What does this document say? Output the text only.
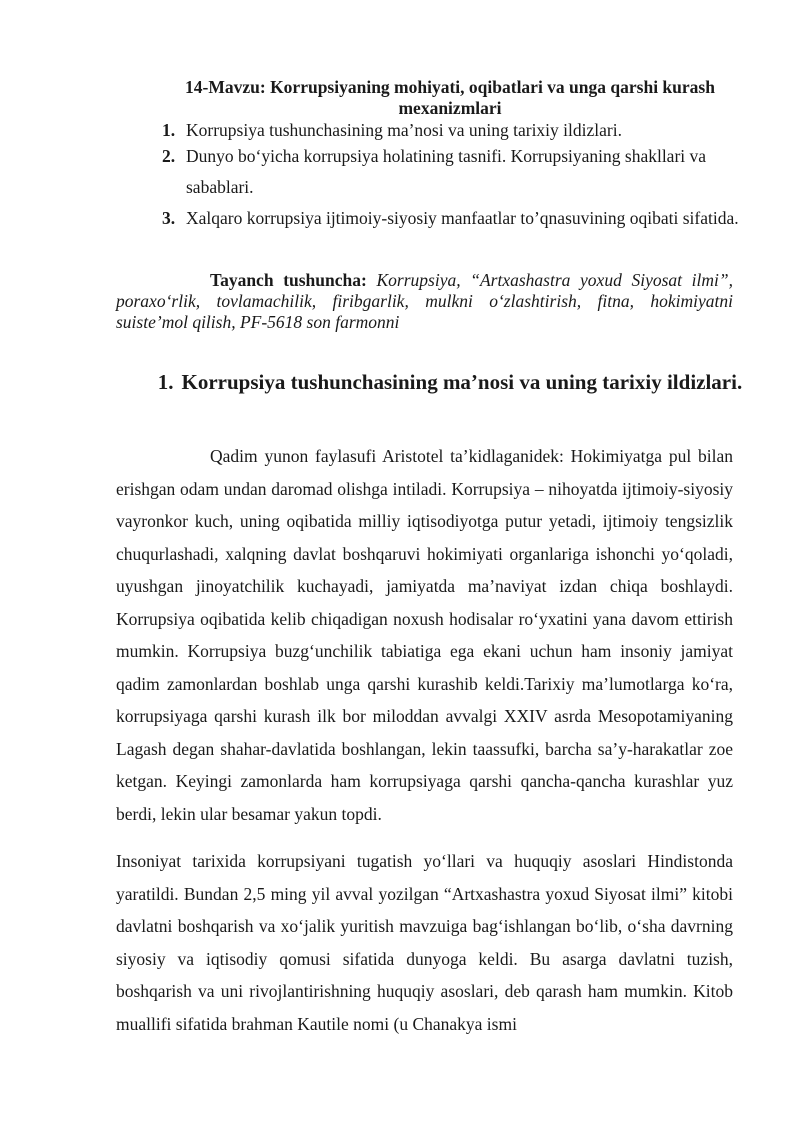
14-Mavzu: Korrupsiyaning mohiyati, oqibatlari va unga qarshi kurash
mexanizmlari
1. Korrupsiya tushunchasining ma’nosi va uning tarixiy ildizlari.
2. Dunyo bo‘yicha korrupsiya holatining tasnifi. Korrupsiyaning shakllari va sabablari.
3. Xalqaro korrupsiya ijtimoiy-siyosiy manfaatlar to’qnasuvining oqibati sifatida.
Tayanch tushuncha: Korrupsiya, “Artxashastra yoxud Siyosat ilmi”, poraxo‘rlik, tovlamachilik, firibgarlik, mulkni o‘zlashtirish, fitna, hokimiyatni suiste’mol qilish, PF-5618 son farmonni
1. Korrupsiya tushunchasining ma’nosi va uning tarixiy ildizlari.
Qadim yunon faylasufi Aristotel ta’kidlaganidek: Hokimiyatga pul bilan erishgan odam undan daromad olishga intiladi. Korrupsiya – nihoyatda ijtimoiy-siyosiy vayronkor kuch, uning oqibatida milliy iqtisodiyotga putur yetadi, ijtimoiy tengsizlik chuqurlashadi, xalqning davlat boshqaruvi hokimiyati organlariga ishonchi yo‘qoladi, uyushgan jinoyatchilik kuchayadi, jamiyatda ma’naviyat izdan chiqa boshlaydi. Korrupsiya oqibatida kelib chiqadigan noxush hodisalar ro‘yxatini yana davom ettirish mumkin. Korrupsiya buzg‘unchilik tabiatiga ega ekani uchun ham insoniy jamiyat qadim zamonlardan boshlab unga qarshi kurashib keldi.Tarixiy ma’lumotlarga ko‘ra, korrupsiyaga qarshi kurash ilk bor miloddan avvalgi XXIV asrda Mesopotamiyaning Lagash degan shahar-davlatida boshlangan, lekin taassufki, barcha sa’y-harakatlar zoe ketgan. Keyingi zamonlarda ham korrupsiyaga qarshi qancha-qancha kurashlar yuz berdi, lekin ular besamar yakun topdi.
Insoniyat tarixida korrupsiyani tugatish yo‘llari va huquqiy asoslari Hindistonda yaratildi. Bundan 2,5 ming yil avval yozilgan “Artxashastra yoxud Siyosat ilmi” kitobi davlatni boshqarish va xo‘jalik yuritish mavzuiga bag‘ishlangan bo‘lib, o‘sha davrning siyosiy va iqtisodiy qomusi sifatida dunyoga keldi. Bu asarga davlatni tuzish, boshqarish va uni rivojlantirishning huquqiy asoslari, deb qarash ham mumkin. Kitob muallifi sifatida brahman Kautile nomi (u Chanakya ismi
